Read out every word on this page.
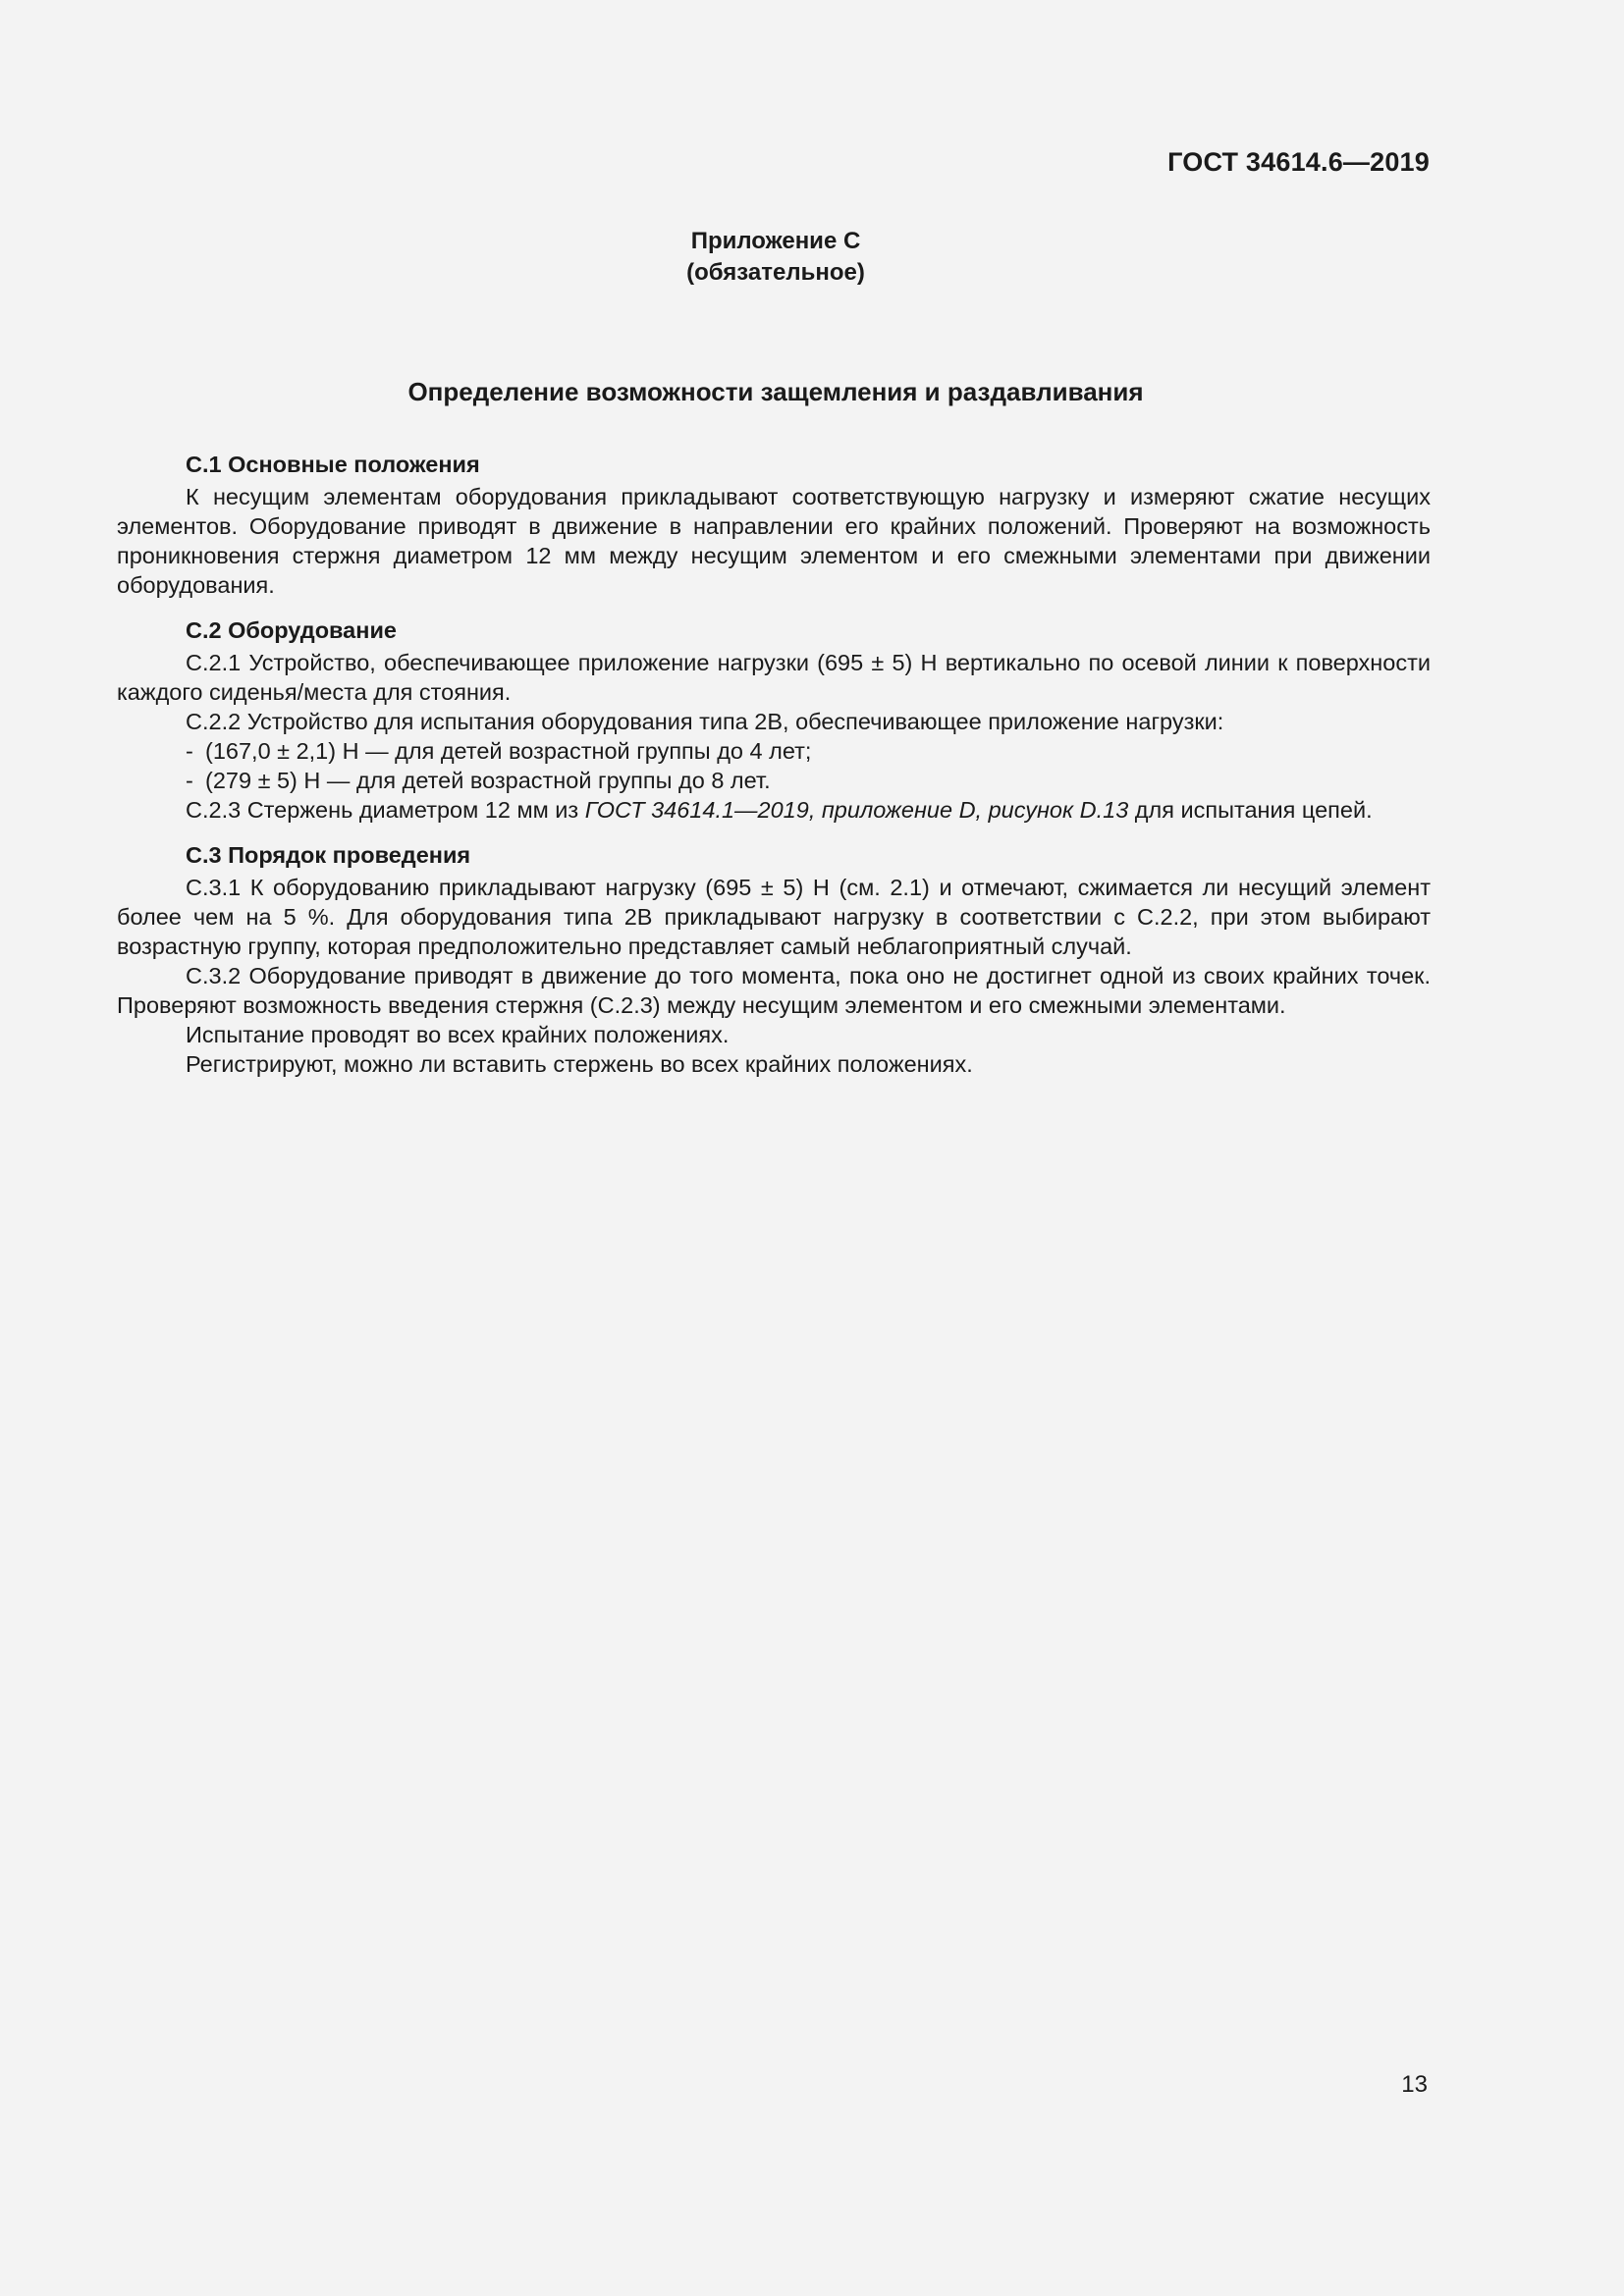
ГОСТ 34614.6—2019
Приложение C
(обязательное)
Определение возможности защемления и раздавливания

С.1 Основные положения

К несущим элементам оборудования прикладывают соответствующую нагрузку и измеряют сжатие несущих элементов. Оборудование приводят в движение в направлении его крайних положений. Проверяют на возможность проникновения стержня диаметром 12 мм между несущим элементом и его смежными элементами при движении оборудования.

С.2 Оборудование

С.2.1 Устройство, обеспечивающее приложение нагрузки (695 ± 5) Н вертикально по осевой линии к поверхности каждого сиденья/места для стояния.

С.2.2 Устройство для испытания оборудования типа 2В, обеспечивающее приложение нагрузки:

- (167,0 ± 2,1) Н — для детей возрастной группы до 4 лет;

- (279 ± 5) Н — для детей возрастной группы до 8 лет.

С.2.3 Стержень диаметром 12 мм из ГОСТ 34614.1—2019, приложение D, рисунок D.13 для испытания цепей.

С.3 Порядок проведения

С.3.1 К оборудованию прикладывают нагрузку (695 ± 5) Н (см. 2.1) и отмечают, сжимается ли несущий элемент более чем на 5 %. Для оборудования типа 2В прикладывают нагрузку в соответствии с С.2.2, при этом выбирают возрастную группу, которая предположительно представляет самый неблагоприятный случай.

С.3.2 Оборудование приводят в движение до того момента, пока оно не достигнет одной из своих крайних точек. Проверяют возможность введения стержня (С.2.3) между несущим элементом и его смежными элементами.

Испытание проводят во всех крайних положениях.

Регистрируют, можно ли вставить стержень во всех крайних положениях.

13
